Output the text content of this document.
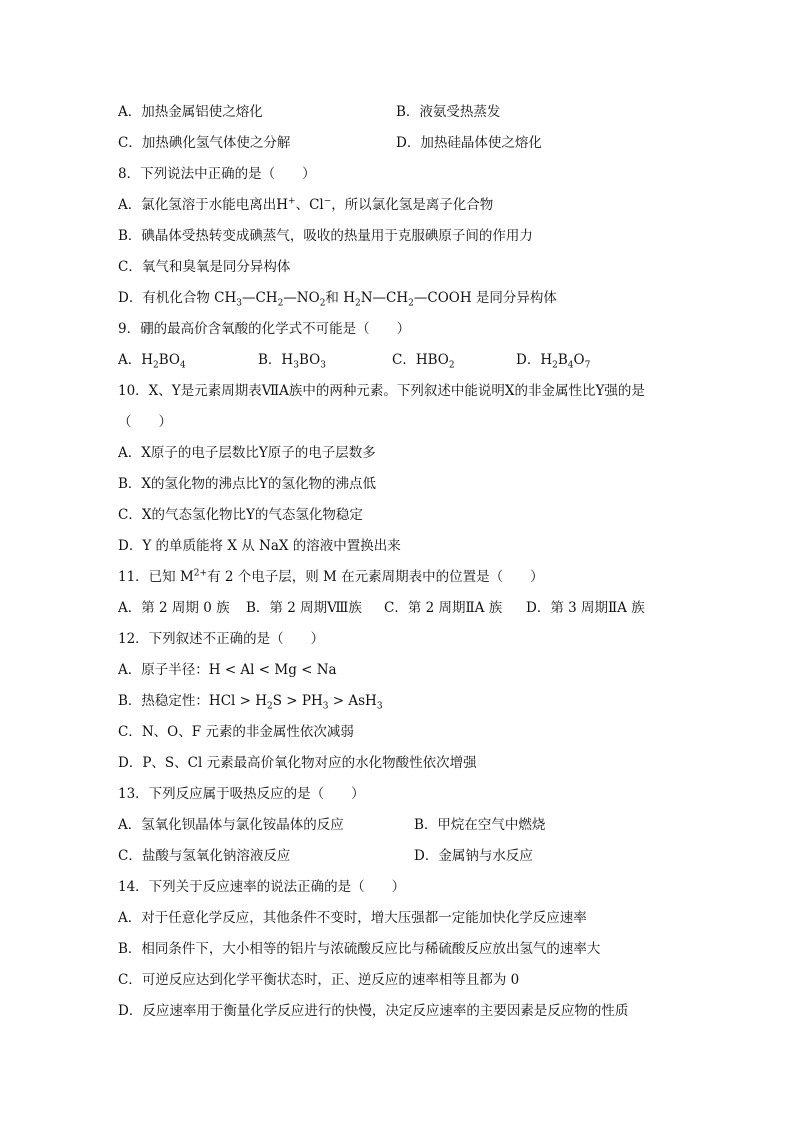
A．加热金属铝使之熔化	B．液氨受热蒸发
C．加热碘化氢气体使之分解	D．加热硅晶体使之熔化
8．下列说法中正确的是（　　）
A．氯化氢溶于水能电离出H+、Cl−，所以氯化氢是离子化合物
B．碘晶体受热转变成碘蒸气，吸收的热量用于克服碘原子间的作用力
C．氧气和臭氧是同分异构体
D．有机化合物 $CH_3—CH_2—NO_2$和 $H_2N—CH_2—COOH$ 是同分异构体
9．硼的最高价含氧酸的化学式不可能是（　　）
A．$H_2BO_4$	B．$H_3BO_3$	C．$HBO_2$	D．$H_2B_4O_7$
10．X、Y是元素周期表ⅦA族中的两种元素。下列叙述中能说明X的非金属性比Y强的是
（　　）
A．X原子的电子层数比Y原子的电子层数多
B．X的氢化物的沸点比Y的氢化物的沸点低
C．X的气态氢化物比Y的气态氢化物稳定
D．Y 的单质能将 X 从 NaX 的溶液中置换出来
11．已知 $M^{2+}$有 2 个电子层，则 M 在元素周期表中的位置是（　　）
A．第 2 周期 0 族 B．第 2 周期Ⅷ族 C．第 2 周期ⅡA 族 D．第 3 周期ⅡA 族
12．下列叙述不正确的是（　　）
A．原子半径：H < Al < Mg < Na
B．热稳定性：HCl > $H_2S > PH_3 > AsH_3$
C．N、O、F 元素的非金属性依次减弱
D．P、S、Cl 元素最高价氧化物对应的水化物酸性依次增强
13．下列反应属于吸热反应的是（　　）
A．氢氧化钡晶体与氯化铵晶体的反应	B．甲烷在空气中燃烧
C．盐酸与氢氧化钠溶液反应	D．金属钠与水反应
14．下列关于反应速率的说法正确的是（　　）
A．对于任意化学反应，其他条件不变时，增大压强都一定能加快化学反应速率
B．相同条件下，大小相等的铝片与浓硫酸反应比与稀硫酸反应放出氢气的速率大
C．可逆反应达到化学平衡状态时，正、逆反应的速率相等且都为 0
D．反应速率用于衡量化学反应进行的快慢，决定反应速率的主要因素是反应物的性质
